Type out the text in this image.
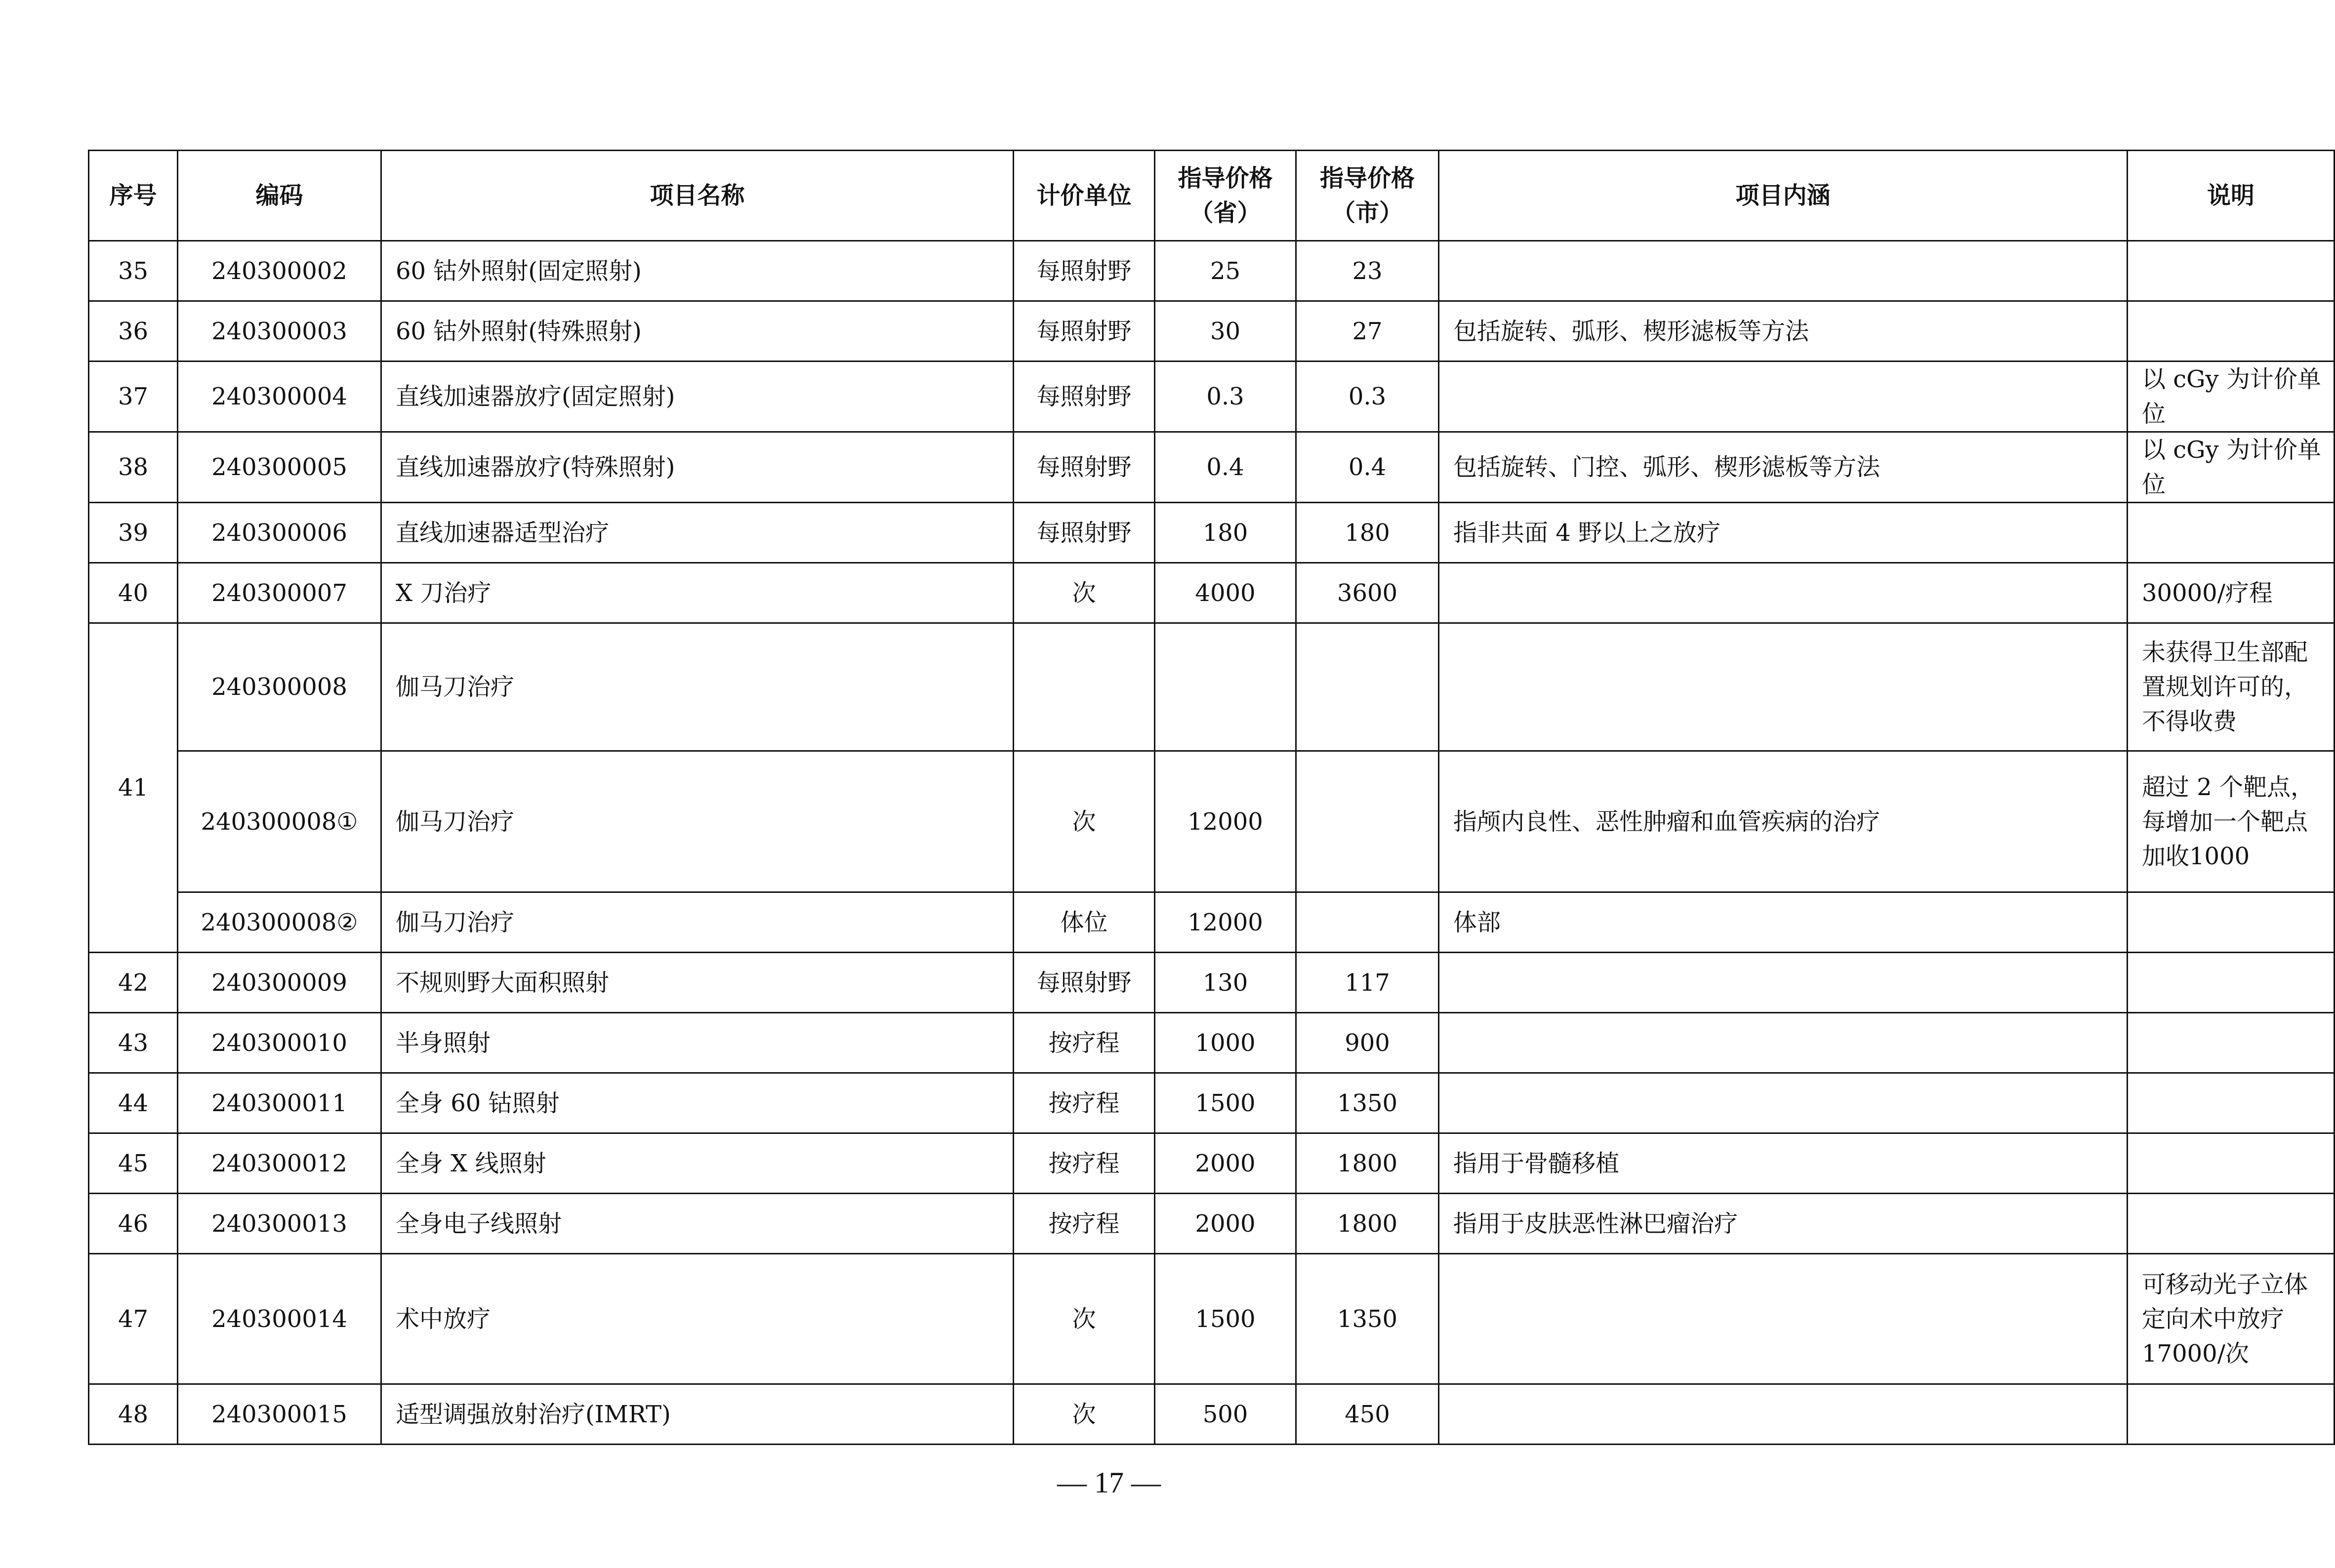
序号	编码	项目名称	计价单位	指导价格（省）	指导价格（市）	项目内涵	说明
35	240300002	60 钴外照射(固定照射)	每照射野	25	23		
36	240300003	60 钴外照射(特殊照射)	每照射野	30	27	包括旋转、弧形、楔形滤板等方法	
37	240300004	直线加速器放疗(固定照射)	每照射野	0.3	0.3		以 cGy 为计价单位
38	240300005	直线加速器放疗(特殊照射)	每照射野	0.4	0.4	包括旋转、门控、弧形、楔形滤板等方法	以 cGy 为计价单位
39	240300006	直线加速器适型治疗	每照射野	180	180	指非共面 4 野以上之放疗	
40	240300007	X 刀治疗	次	4000	3600		30000/疗程
41	240300008	伽马刀治疗					未获得卫生部配置规划许可的，不得收费
	240300008①	伽马刀治疗	次	12000		指颅内良性、恶性肿瘤和血管疾病的治疗	超过 2 个靶点，每增加一个靶点加收1000
	240300008②	伽马刀治疗	体位	12000		体部	
42	240300009	不规则野大面积照射	每照射野	130	117		
43	240300010	半身照射	按疗程	1000	900		
44	240300011	全身 60 钴照射	按疗程	1500	1350		
45	240300012	全身 X 线照射	按疗程	2000	1800	指用于骨髓移植	
46	240300013	全身电子线照射	按疗程	2000	1800	指用于皮肤恶性淋巴瘤治疗	
47	240300014	术中放疗	次	1500	1350		可移动光子立体定向术中放疗 17000/次
48	240300015	适型调强放射治疗(IMRT)	次	500	450		
— 17 —
